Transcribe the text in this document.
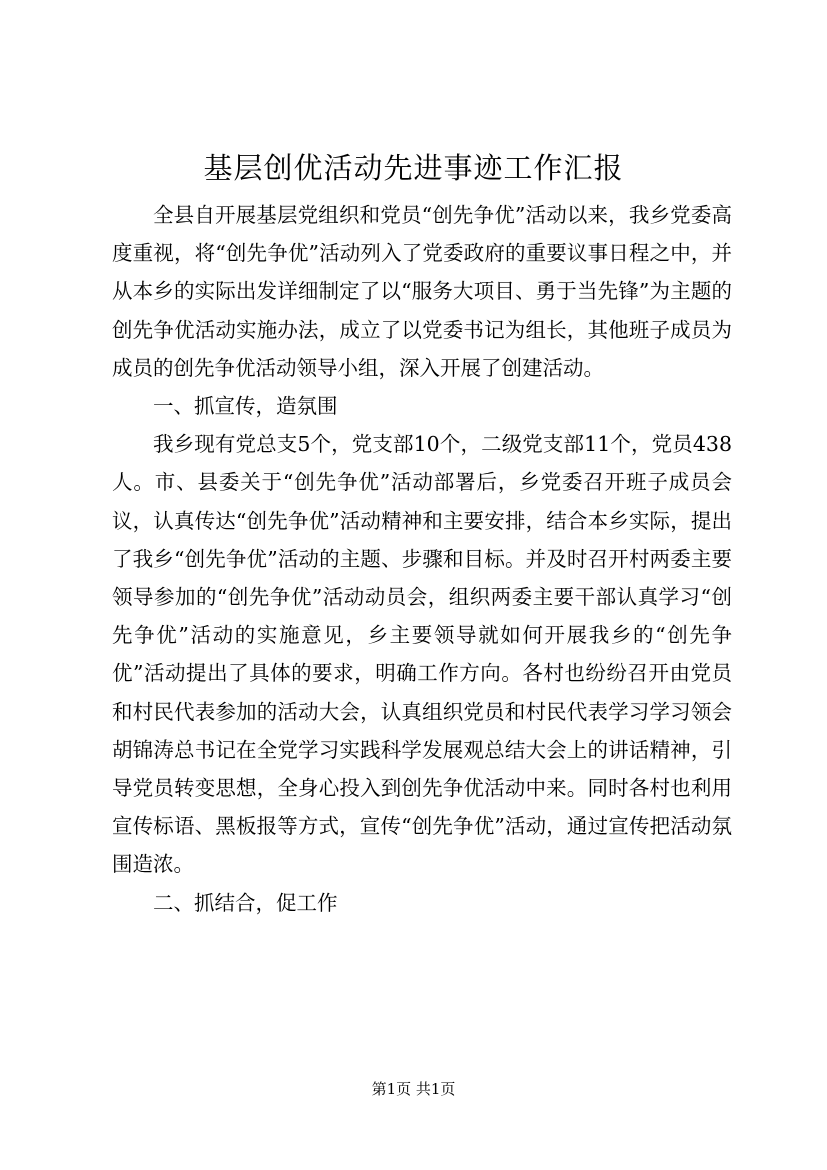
基层创优活动先进事迹工作汇报

全县自开展基层党组织和党员“创先争优”活动以来，我乡党委高度重视，将“创先争优”活动列入了党委政府的重要议事日程之中，并从本乡的实际出发详细制定了以“服务大项目、勇于当先锋”为主题的创先争优活动实施办法，成立了以党委书记为组长，其他班子成员为成员的创先争优活动领导小组，深入开展了创建活动。

一、抓宣传，造氛围

我乡现有党总支5个，党支部10个，二级党支部11个，党员438人。市、县委关于“创先争优”活动部署后，乡党委召开班子成员会议，认真传达“创先争优”活动精神和主要安排，结合本乡实际，提出了我乡“创先争优”活动的主题、步骤和目标。并及时召开村两委主要领导参加的“创先争优”活动动员会，组织两委主要干部认真学习“创先争优”活动的实施意见，乡主要领导就如何开展我乡的“创先争优”活动提出了具体的要求，明确工作方向。各村也纷纷召开由党员和村民代表参加的活动大会，认真组织党员和村民代表学习学习领会胡锦涛总书记在全党学习实践科学发展观总结大会上的讲话精神，引导党员转变思想，全身心投入到创先争优活动中来。同时各村也利用宣传标语、黑板报等方式，宣传“创先争优”活动，通过宣传把活动氛围造浓。

二、抓结合，促工作

第1页 共1页
